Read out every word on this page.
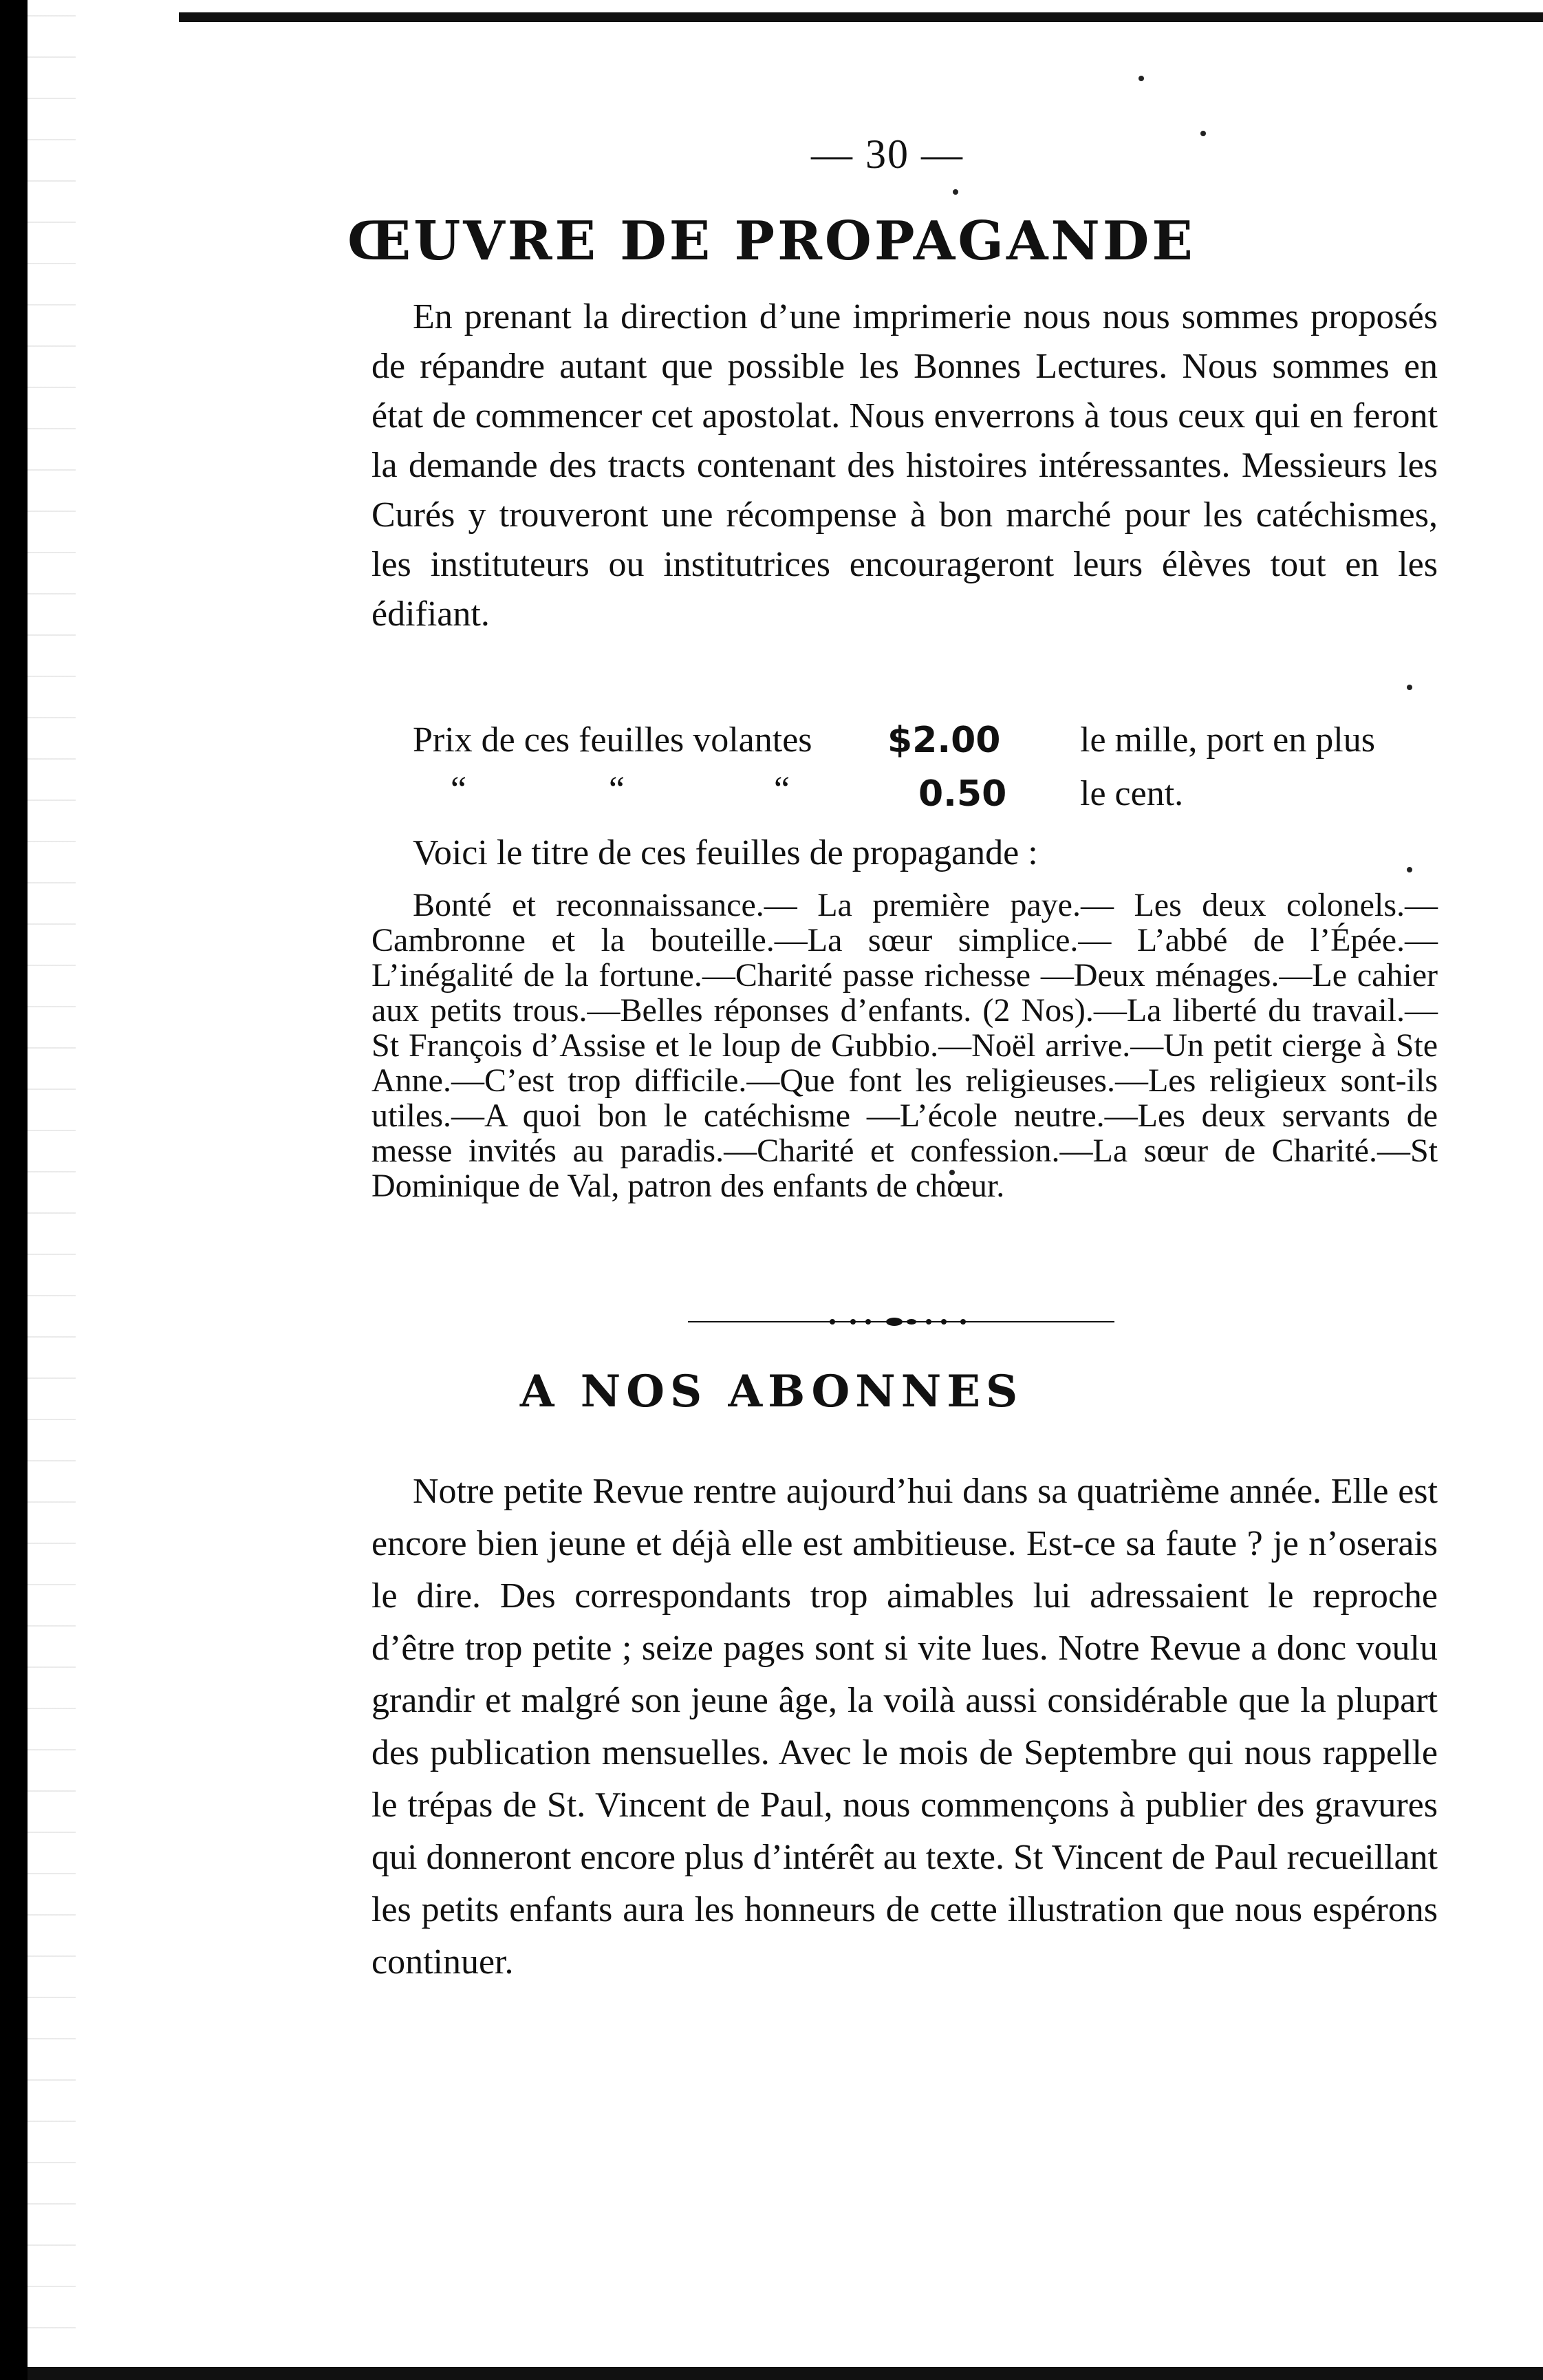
— 30 —
ŒUVRE DE PROPAGANDE

En prenant la direction d’une imprimerie nous nous sommes proposés de répandre autant que possible les Bonnes Lectures. Nous sommes en état de commencer cet apostolat. Nous enverrons à tous ceux qui en feront la demande des tracts contenant des histoires intéressantes. Messieurs les Curés y trouveront une récompense à bon marché pour les catéchismes, les instituteurs ou institutrices encourageront leurs élèves tout en les édifiant.

Prix de ces feuilles volantes $2.00 le mille, port en plus
“	“	“	0.50 le cent.
Voici le titre de ces feuilles de propagande :

Bonté et reconnaissance.— La première paye.— Les deux colonels.—Cambronne et la bouteille.—La sœur simplice.— L’abbé de l’Épée.—L’inégalité de la fortune.—Charité passe richesse —Deux ménages.—Le cahier aux petits trous.—Belles réponses d’enfants. (2 Nos).—La liberté du travail.—St François d’Assise et le loup de Gubbio.—Noël arrive.—Un petit cierge à Ste Anne.—C’est trop difficile.—Que font les religieuses.—Les religieux sont-ils utiles.—A quoi bon le catéchisme —L’école neutre.—Les deux servants de messe invités au paradis.—Charité et confession.—La sœur de Charité.—St Dominique de Val, patron des enfants de chœur.

A NOS ABONNES

Notre petite Revue rentre aujourd’hui dans sa quatrième année. Elle est encore bien jeune et déjà elle est ambitieuse. Est-ce sa faute ? je n’oserais le dire. Des correspondants trop aimables lui adressaient le reproche d’être trop petite ; seize pages sont si vite lues. Notre Revue a donc voulu grandir et malgré son jeune âge, la voilà aussi considérable que la plupart des publication mensuelles. Avec le mois de Septembre qui nous rappelle le trépas de St. Vincent de Paul, nous commençons à publier des gravures qui donneront encore plus d’intérêt au texte. St Vincent de Paul recueillant les petits enfants aura les honneurs de cette illustration que nous espérons continuer.
